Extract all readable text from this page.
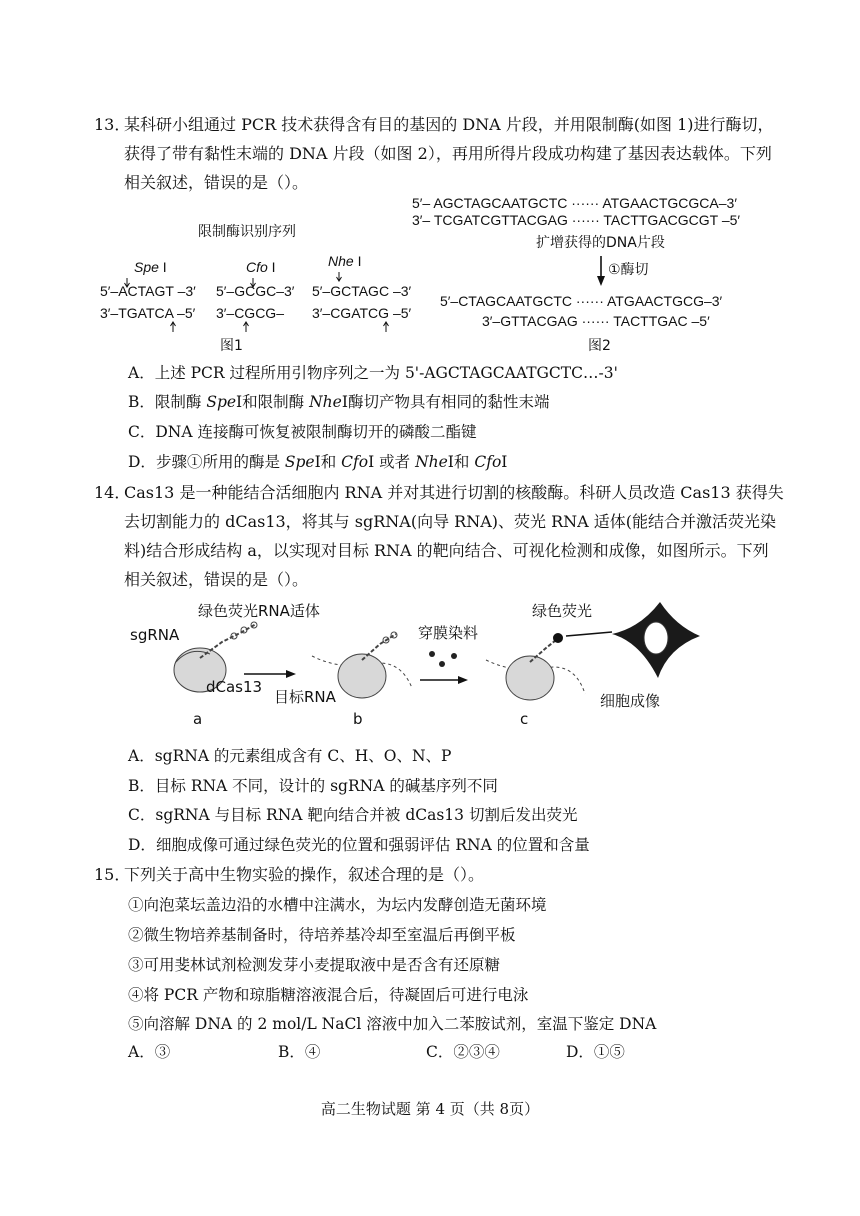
13．
某科研小组通过 PCR 技术获得含有目的基因的 DNA 片段，并用限制酶(如图 1)进行酶切，获得了带有黏性末端的 DNA 片段（如图 2），再用所得片段成功构建了基因表达载体。下列相关叙述，错误的是（）。
限制酶识别序列
Spe I	Cfo I	Nhe I
5′–ACTAGT –3′ 5′–GCGC–3′ 5′–GCTAGC –3′
3′–TGATCA –5′ 3′–CGCG– 3′–CGATCG –5′
图1
5′– AGCTAGCAATGCTC ······ ATGAACTGCGCA–3′
3′– TCGATCGTTACGAG ······ TACTTGACGCGT –5′
扩增获得的DNA片段
①酶切
5′–CTAGCAATGCTC ······ ATGAACTGCG–3′
3′–GTTACGAG ······ TACTTGAC –5′
图2
A．上述 PCR 过程所用引物序列之一为 5'-AGCTAGCAATGCTC…-3'
B．限制酶 SpeI和限制酶 NheI酶切产物具有相同的黏性末端
C．DNA 连接酶可恢复被限制酶切开的磷酸二酯键
D．步骤①所用的酶是 SpeI和 CfoI 或者 NheI和 CfoI
14．
Cas13 是一种能结合活细胞内 RNA 并对其进行切割的核酸酶。科研人员改造 Cas13 获得失去切割能力的 dCas13，将其与 sgRNA(向导 RNA)、荧光 RNA 适体(能结合并激活荧光染料)结合形成结构 a，以实现对目标 RNA 的靶向结合、可视化检测和成像，如图所示。下列相关叙述，错误的是（）。
绿色荧光RNA适体
sgRNA
dCas13
a
目标RNA
b
穿膜染料
绿色荧光
c
细胞成像
A．sgRNA 的元素组成含有 C、H、O、N、P
B．目标 RNA 不同，设计的 sgRNA 的碱基序列不同
C．sgRNA 与目标 RNA 靶向结合并被 dCas13 切割后发出荧光
D．细胞成像可通过绿色荧光的位置和强弱评估 RNA 的位置和含量
15．
下列关于高中生物实验的操作，叙述合理的是（）。
①向泡菜坛盖边沿的水槽中注满水，为坛内发酵创造无菌环境
②微生物培养基制备时，待培养基冷却至室温后再倒平板
③可用斐林试剂检测发芽小麦提取液中是否含有还原糖
④将 PCR 产物和琼脂糖溶液混合后，待凝固后可进行电泳
⑤向溶解 DNA 的 2 mol/L NaCl 溶液中加入二苯胺试剂，室温下鉴定 DNA
A．③	B．④	C．②③④	D．①⑤
高二生物试题 第 4 页（共 8页）
